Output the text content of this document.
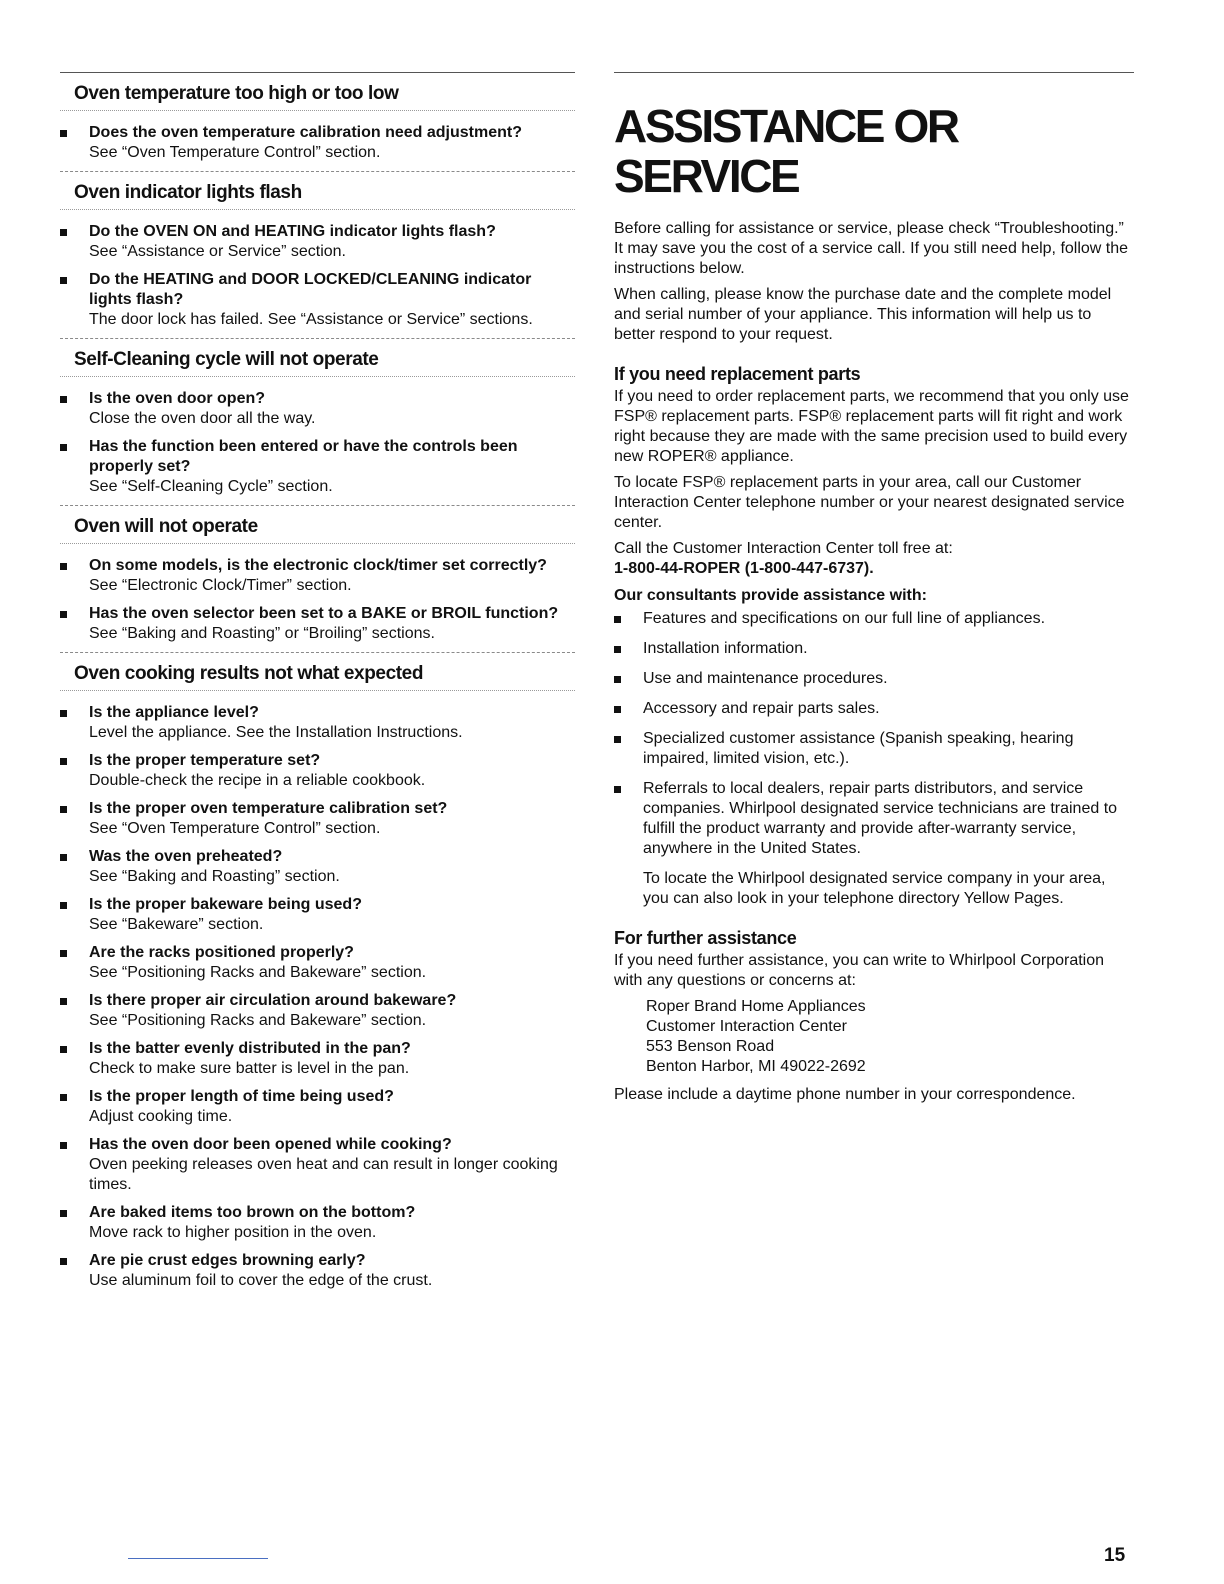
Oven temperature too high or too low
Does the oven temperature calibration need adjustment?
See “Oven Temperature Control” section.
Oven indicator lights flash
Do the OVEN ON and HEATING indicator lights flash?
See “Assistance or Service” section.
Do the HEATING and DOOR LOCKED/CLEANING indicator lights flash?
The door lock has failed. See “Assistance or Service” sections.
Self-Cleaning cycle will not operate
Is the oven door open?
Close the oven door all the way.
Has the function been entered or have the controls been properly set?
See “Self-Cleaning Cycle” section.
Oven will not operate
On some models, is the electronic clock/timer set correctly?
See “Electronic Clock/Timer” section.
Has the oven selector been set to a BAKE or BROIL function?
See “Baking and Roasting” or “Broiling” sections.
Oven cooking results not what expected
Is the appliance level?
Level the appliance. See the Installation Instructions.
Is the proper temperature set?
Double-check the recipe in a reliable cookbook.
Is the proper oven temperature calibration set?
See “Oven Temperature Control” section.
Was the oven preheated?
See “Baking and Roasting” section.
Is the proper bakeware being used?
See “Bakeware” section.
Are the racks positioned properly?
See “Positioning Racks and Bakeware” section.
Is there proper air circulation around bakeware?
See “Positioning Racks and Bakeware” section.
Is the batter evenly distributed in the pan?
Check to make sure batter is level in the pan.
Is the proper length of time being used?
Adjust cooking time.
Has the oven door been opened while cooking?
Oven peeking releases oven heat and can result in longer cooking times.
Are baked items too brown on the bottom?
Move rack to higher position in the oven.
Are pie crust edges browning early?
Use aluminum foil to cover the edge of the crust.
ASSISTANCE OR SERVICE

Before calling for assistance or service, please check “Troubleshooting.” It may save you the cost of a service call. If you still need help, follow the instructions below.

When calling, please know the purchase date and the complete model and serial number of your appliance. This information will help us to better respond to your request.

If you need replacement parts

If you need to order replacement parts, we recommend that you only use FSP® replacement parts. FSP® replacement parts will fit right and work right because they are made with the same precision used to build every new ROPER® appliance.

To locate FSP® replacement parts in your area, call our Customer Interaction Center telephone number or your nearest designated service center.

Call the Customer Interaction Center toll free at:
1-800-44-ROPER (1-800-447-6737).

Our consultants provide assistance with:
Features and specifications on our full line of appliances.
Installation information.
Use and maintenance procedures.
Accessory and repair parts sales.
Specialized customer assistance (Spanish speaking, hearing impaired, limited vision, etc.).
Referrals to local dealers, repair parts distributors, and service companies. Whirlpool designated service technicians are trained to fulfill the product warranty and provide after-warranty service, anywhere in the United States.

To locate the Whirlpool designated service company in your area, you can also look in your telephone directory Yellow Pages.

For further assistance

If you need further assistance, you can write to Whirlpool Corporation with any questions or concerns at:

Roper Brand Home Appliances
Customer Interaction Center
553 Benson Road
Benton Harbor, MI 49022-2692

Please include a daytime phone number in your correspondence.

15
